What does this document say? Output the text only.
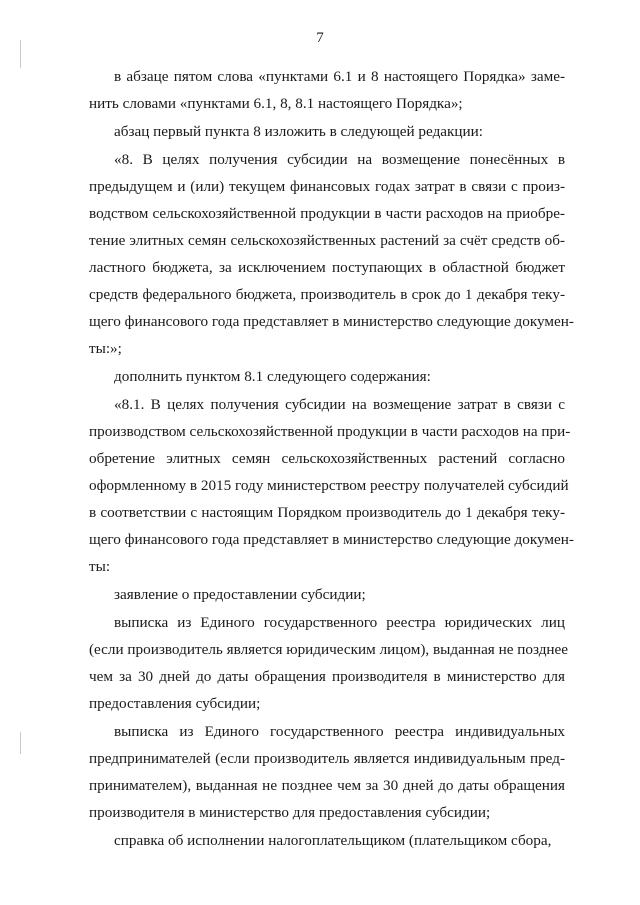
7
в абзаце пятом слова «пунктами 6.1 и 8 настоящего Порядка» заме-
нить словами «пунктами 6.1, 8, 8.1 настоящего Порядка»;
абзац первый пункта 8 изложить в следующей редакции:
«8. В целях получения субсидии на возмещение понесённых в
предыдущем и (или) текущем финансовых годах затрат в связи с произ-
водством сельскохозяйственной продукции в части расходов на приобре-
тение элитных семян сельскохозяйственных растений за счёт средств об-
ластного бюджета, за исключением поступающих в областной бюджет
средств федерального бюджета, производитель в срок до 1 декабря теку-
щего финансового года представляет в министерство следующие докумен-
ты:»;
дополнить пунктом 8.1 следующего содержания:
«8.1. В целях получения субсидии на возмещение затрат в связи с
производством сельскохозяйственной продукции в части расходов на при-
обретение элитных семян сельскохозяйственных растений согласно
оформленному в 2015 году министерством реестру получателей субсидий
в соответствии с настоящим Порядком производитель до 1 декабря теку-
щего финансового года представляет в министерство следующие докумен-
ты:
заявление о предоставлении субсидии;
выписка из Единого государственного реестра юридических лиц
(если производитель является юридическим лицом), выданная не позднее
чем за 30 дней до даты обращения производителя в министерство для
предоставления субсидии;
выписка из Единого государственного реестра индивидуальных
предпринимателей (если производитель является индивидуальным пред-
принимателем), выданная не позднее чем за 30 дней до даты обращения
производителя в министерство для предоставления субсидии;
справка об исполнении налогоплательщиком (плательщиком сбора,
